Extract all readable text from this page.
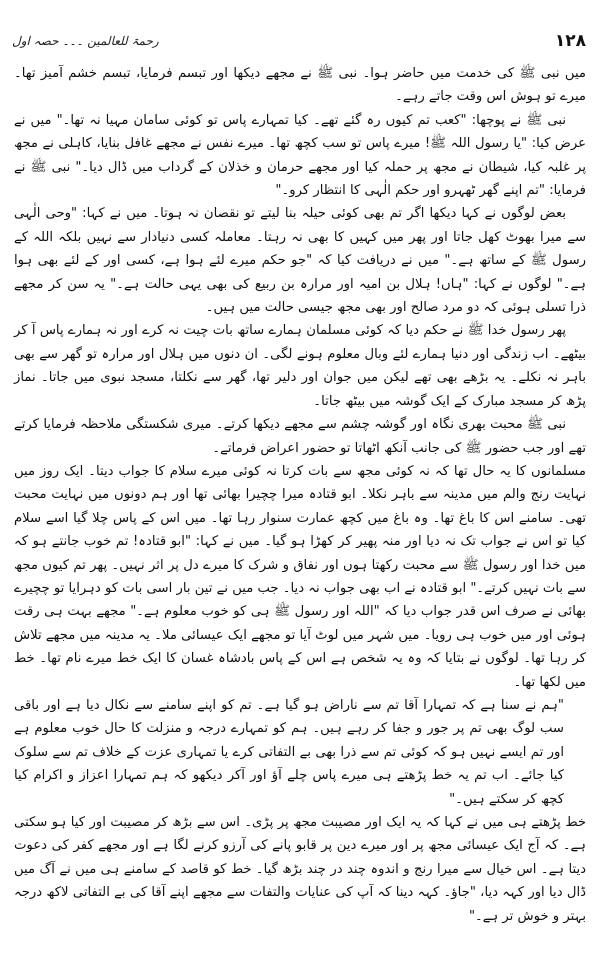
۱۲۸
رحمۃ للعالمین ۔۔۔ حصہ اول

میں نبی ﷺ کی خدمت میں حاضر ہوا۔ نبی ﷺ نے مجھے دیکھا اور تبسم فرمایا، تبسم خشم آمیز تھا۔ میرے تو ہوش اس وقت جاتے رہے۔

نبی ﷺ نے پوچھا: "کعب تم کیوں رہ گئے تھے۔ کیا تمہارے پاس تو کوئی سامان مہیا نہ تھا۔" میں نے عرض کیا: "یا رسول اللہ ﷺ! میرے پاس تو سب کچھ تھا۔ میرے نفس نے مجھے غافل بنایا، کاہلی نے مجھ پر غلبہ کیا، شیطان نے مجھ پر حملہ کیا اور مجھے حرمان و خذلان کے گرداب میں ڈال دیا۔" نبی ﷺ نے فرمایا: "تم اپنے گھر ٹھہرو اور حکم الٰہی کا انتظار کرو۔"

بعض لوگوں نے کہا دیکھا اگر تم بھی کوئی حیلہ بنا لیتے تو نقصان نہ ہوتا۔ میں نے کہا: "وحی الٰہی سے میرا بھوٹ کھل جاتا اور پھر میں کہیں کا بھی نہ رہتا۔ معاملہ کسی دنیادار سے نہیں بلکہ اللہ کے رسول ﷺ کے ساتھ ہے۔" میں نے دریافت کیا کہ "جو حکم میرے لئے ہوا ہے، کسی اور کے لئے بھی ہوا ہے۔" لوگوں نے کہا: "ہاں! ہلال بن امیہ اور مرارہ بن ربیع کی بھی یہی حالت ہے۔" یہ سن کر مجھے ذرا تسلی ہوئی کہ دو مرد صالح اور بھی مجھ جیسی حالت میں ہیں۔

پھر رسول خدا ﷺ نے حکم دیا کہ کوئی مسلمان ہمارے ساتھ بات چیت نہ کرے اور نہ ہمارے پاس آ کر بیٹھے۔ اب زندگی اور دنیا ہمارے لئے وبال معلوم ہونے لگی۔ ان دنوں میں ہلال اور مرارہ تو گھر سے بھی باہر نہ نکلے۔ یہ بڑھے بھی تھے لیکن میں جوان اور دلیر تھا، گھر سے نکلتا، مسجد نبوی میں جاتا۔ نماز پڑھ کر مسجد مبارک کے ایک گوشہ میں بیٹھ جاتا۔

نبی ﷺ محبت بھری نگاہ اور گوشہ چشم سے مجھے دیکھا کرتے۔ میری شکستگی ملاحظہ فرمایا کرتے تھے اور جب حضور ﷺ کی جانب آنکھ اٹھاتا تو حضور اعراض فرماتے۔

مسلمانوں کا یہ حال تھا کہ نہ کوئی مجھ سے بات کرتا نہ کوئی میرے سلام کا جواب دیتا۔ ایک روز میں نہایت رنج والم میں مدینہ سے باہر نکلا۔ ابو قتادہ میرا چچیرا بھائی تھا اور ہم دونوں میں نہایت محبت تھی۔ سامنے اس کا باغ تھا۔ وہ باغ میں کچھ عمارت سنوار رہا تھا۔ میں اس کے پاس چلا گیا اسے سلام کیا تو اس نے جواب تک نہ دیا اور منہ پھیر کر کھڑا ہو گیا۔ میں نے کہا: "ابو قتادہ! تم خوب جانتے ہو کہ میں خدا اور رسول ﷺ سے محبت رکھتا ہوں اور نفاق و شرک کا میرے دل پر اثر نہیں۔ پھر تم کیوں مجھ سے بات نہیں کرتے۔" ابو قتادہ نے اب بھی جواب نہ دیا۔ جب میں نے تین بار اسی بات کو دہرایا تو چچیرے بھائی نے صرف اس قدر جواب دیا کہ "اللہ اور رسول ﷺ ہی کو خوب معلوم ہے۔" مجھے بہت ہی رقت ہوئی اور میں خوب ہی رویا۔ میں شہر میں لوٹ آیا تو مجھے ایک عیسائی ملا۔ یہ مدینہ میں مجھے تلاش کر رہا تھا۔ لوگوں نے بتایا کہ وہ یہ شخص ہے اس کے پاس بادشاہ غسان کا ایک خط میرے نام تھا۔ خط میں لکھا تھا۔

"ہم نے سنا ہے کہ تمہارا آقا تم سے ناراض ہو گیا ہے۔ تم کو اپنے سامنے سے نکال دیا ہے اور باقی سب لوگ بھی تم پر جور و جفا کر رہے ہیں۔ ہم کو تمہارے درجہ و منزلت کا حال خوب معلوم ہے اور تم ایسے نہیں ہو کہ کوئی تم سے ذرا بھی بے التفاتی کرے یا تمہاری عزت کے خلاف تم سے سلوک کیا جائے۔ اب تم یہ خط پڑھتے ہی میرے پاس چلے آؤ اور آکر دیکھو کہ ہم تمہارا اعزاز و اکرام کیا کچھ کر سکتے ہیں۔"

خط پڑھتے ہی میں نے کہا کہ یہ ایک اور مصیبت مجھ پر پڑی۔ اس سے بڑھ کر مصیبت اور کیا ہو سکتی ہے۔ کہ آج ایک عیسائی مجھ پر اور میرے دین پر قابو پانے کی آرزو کرنے لگا ہے اور مجھے کفر کی دعوت دیتا ہے۔ اس خیال سے میرا رنج و اندوہ چند در چند بڑھ گیا۔ خط کو قاصد کے سامنے ہی میں نے آگ میں ڈال دیا اور کہہ دیا، "جاؤ۔ کہہ دینا کہ آپ کی عنایات والتفات سے مجھے اپنے آقا کی بے التفاتی لاکھ درجہ بہتر و خوش تر ہے۔"
